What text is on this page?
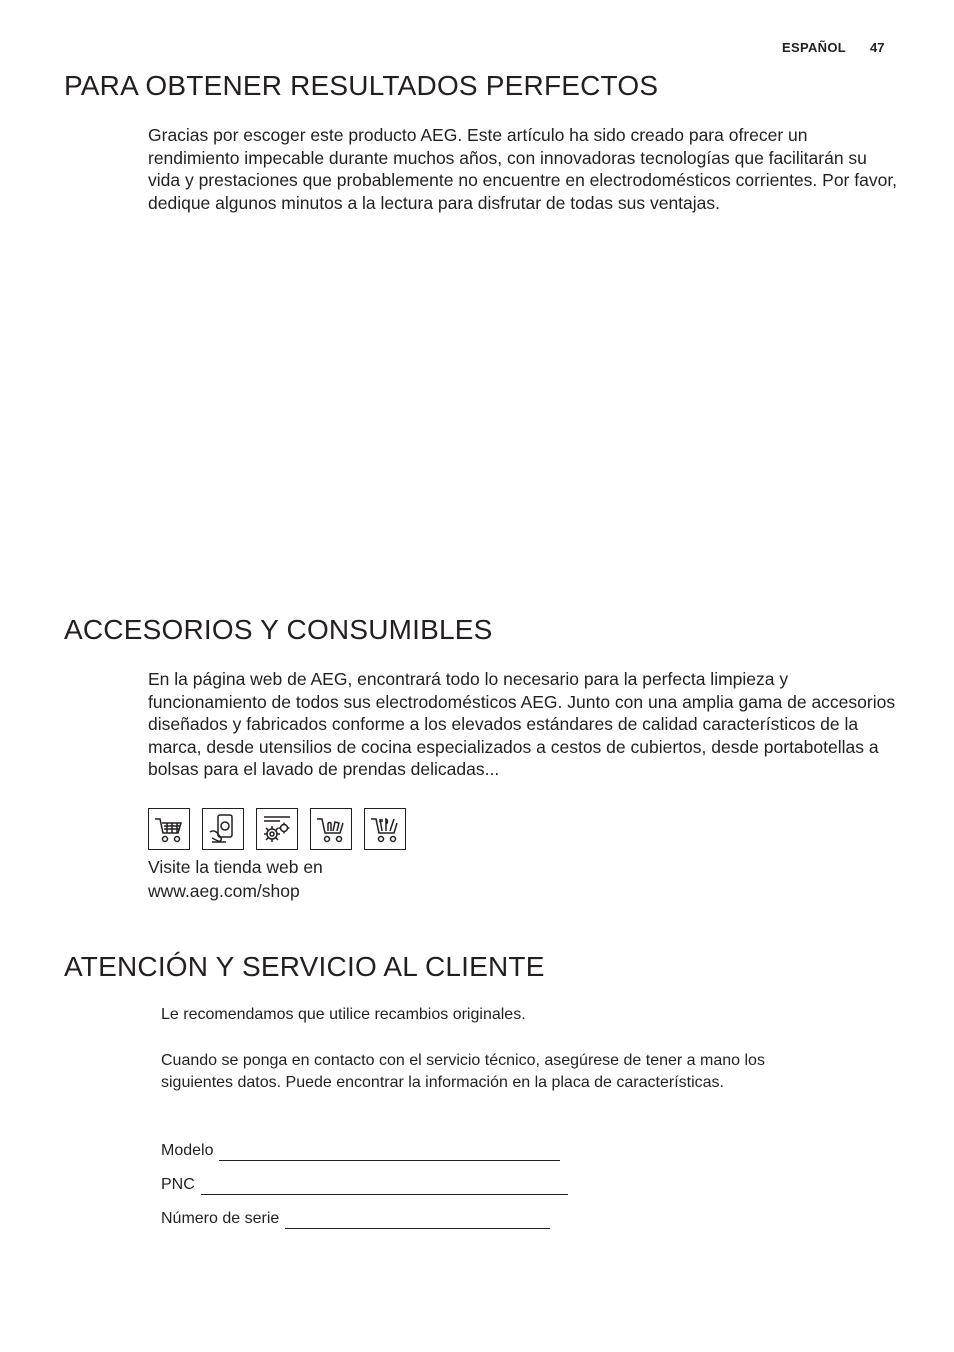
ESPAÑOL 47
PARA OBTENER RESULTADOS PERFECTOS

Gracias por escoger este producto AEG. Este artículo ha sido creado para ofrecer un rendimiento impecable durante muchos años, con innovadoras tecnologías que facilitarán su vida y prestaciones que probablemente no encuentre en electrodomésticos corrientes. Por favor, dedique algunos minutos a la lectura para disfrutar de todas sus ventajas.

ACCESORIOS Y CONSUMIBLES

En la página web de AEG, encontrará todo lo necesario para la perfecta limpieza y funcionamiento de todos sus electrodomésticos AEG. Junto con una amplia gama de accesorios diseñados y fabricados conforme a los elevados estándares de calidad característicos de la marca, desde utensilios de cocina especializados a cestos de cubiertos, desde portabotellas a bolsas para el lavado de prendas delicadas...

Visite la tienda web en
www.aeg.com/shop

ATENCIÓN Y SERVICIO AL CLIENTE

Le recomendamos que utilice recambios originales.

Cuando se ponga en contacto con el servicio técnico, asegúrese de tener a mano los siguientes datos. Puede encontrar la información en la placa de características.

Modelo
PNC
Número de serie
